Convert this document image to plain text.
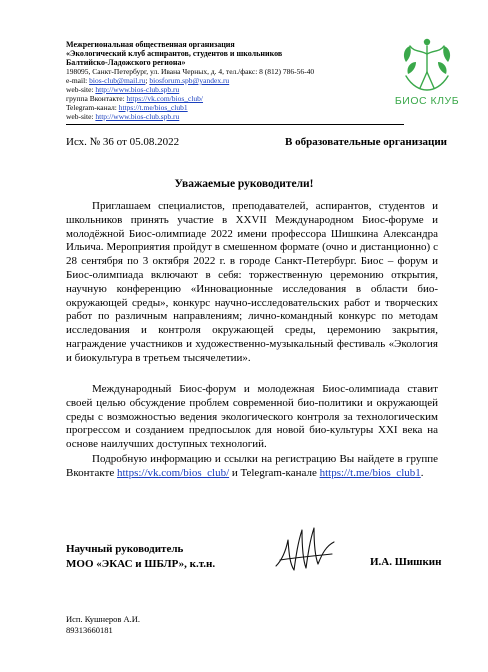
Межрегиональная общественная организация

«Экологический клуб аспирантов, студентов и школьников

Балтийско-Ладожского региона»

198095, Санкт-Петербург, ул. Ивана Черных, д. 4, тел./факс: 8 (812) 786-56-40

e-mail: bios-club@mail.ru; biosforum.spb@yandex.ru

web-site: http://www.bios-club.spb.ru

группа Вконтакте: https://vk.com/bios_club/

Telegram-канал: https://t.me/bios_club1

web-site: http://www.bios-club.spb.ru

БИОС КЛУБ
Исх. № 36 от 05.08.2022	В образовательные организации
Уважаемые руководители!

Приглашаем специалистов, преподавателей, аспирантов, студентов и школьников принять участие в XXVII Международном Биос-форуме и молодёжной Биос-олимпиаде 2022 имени профессора Шишкина Александра Ильича. Мероприятия пройдут в смешенном формате (очно и дистанционно) с 28 сентября по 3 октября 2022 г. в городе Санкт-Петербург. Биос – форум и Биос-олимпиада включают в себя: торжественную церемонию открытия, научную конференцию «Инновационные исследования в области био-окружающей среды», конкурс научно-исследовательских работ и творческих работ по различным направлениям; лично-командный конкурс по методам исследования и контроля окружающей среды, церемонию закрытия, награждение участников и художественно-музыкальный фестиваль «Экология и биокультура в третьем тысячелетии».

Международный Биос-форум и молодежная Биос-олимпиада ставит своей целью обсуждение проблем современной био-политики и окружающей среды с возможностью ведения экологического контроля за технологическим прогрессом и созданием предпосылок для новой био-культуры XXI века на основе наилучших доступных технологий.

Подробную информацию и ссылки на регистрацию Вы найдете в группе Вконтакте https://vk.com/bios_club/ и Telegram-канале https://t.me/bios_club1.

Научный руководитель
МОО «ЭКАС и ШБЛР», к.т.н.	И.А. Шишкин
Исп. Кушнеров А.И.
89313660181
